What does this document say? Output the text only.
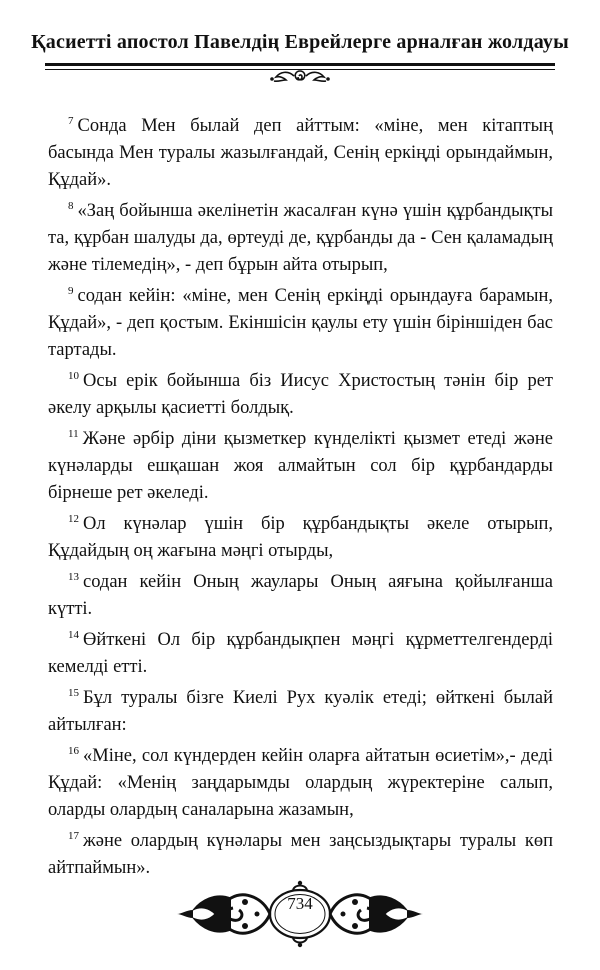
Қасиетті апостол Павелдің Еврейлерге арналған жолдауы

$^7$ Сонда Мен былай деп айттым: «міне, мен кітаптың басында Мен туралы жазылғандай, Сенің еркіңді орындаймын, Құдай».

$^8$ «Заң бойынша әкелінетін жасалған күнә үшін құрбандықты та, құрбан шалуды да, өртеуді де, құрбанды да - Сен қаламадың және тілемедің», - деп бұрын айта отырып,

$^9$ содан кейін: «міне, мен Сенің еркіңді орындауға барамын, Құдай», - деп қостым. Екіншісін қаулы ету үшін біріншіден бас тартады.

$^{10}$ Осы ерік бойынша біз Иисус Христостың тәнін бір рет әкелу арқылы қасиетті болдық.

$^{11}$ Және әрбір діни қызметкер күнделікті қызмет етеді және күнәларды ешқашан жоя алмайтын сол бір құрбандарды бірнеше рет әкеледі.

$^{12}$ Ол күнәлар үшін бір құрбандықты әкеле отырып, Құдайдың оң жағына мәңгі отырды,

$^{13}$ содан кейін Оның жаулары Оның аяғына қойылғанша күтті.

$^{14}$ Өйткені Ол бір құрбандықпен мәңгі құрметтелгендерді кемелді етті.

$^{15}$ Бұл туралы бізге Киелі Рух куәлік етеді; өйткені былай айтылған:

$^{16}$ «Міне, сол күндерден кейін оларға айтатын өсиетім»,- деді Құдай: «Менің заңдарымды олардың жүректеріне салып, оларды олардың саналарына жазамын,

$^{17}$ және олардың күнәлары мен заңсыздықтары туралы көп айтпаймын».

734
